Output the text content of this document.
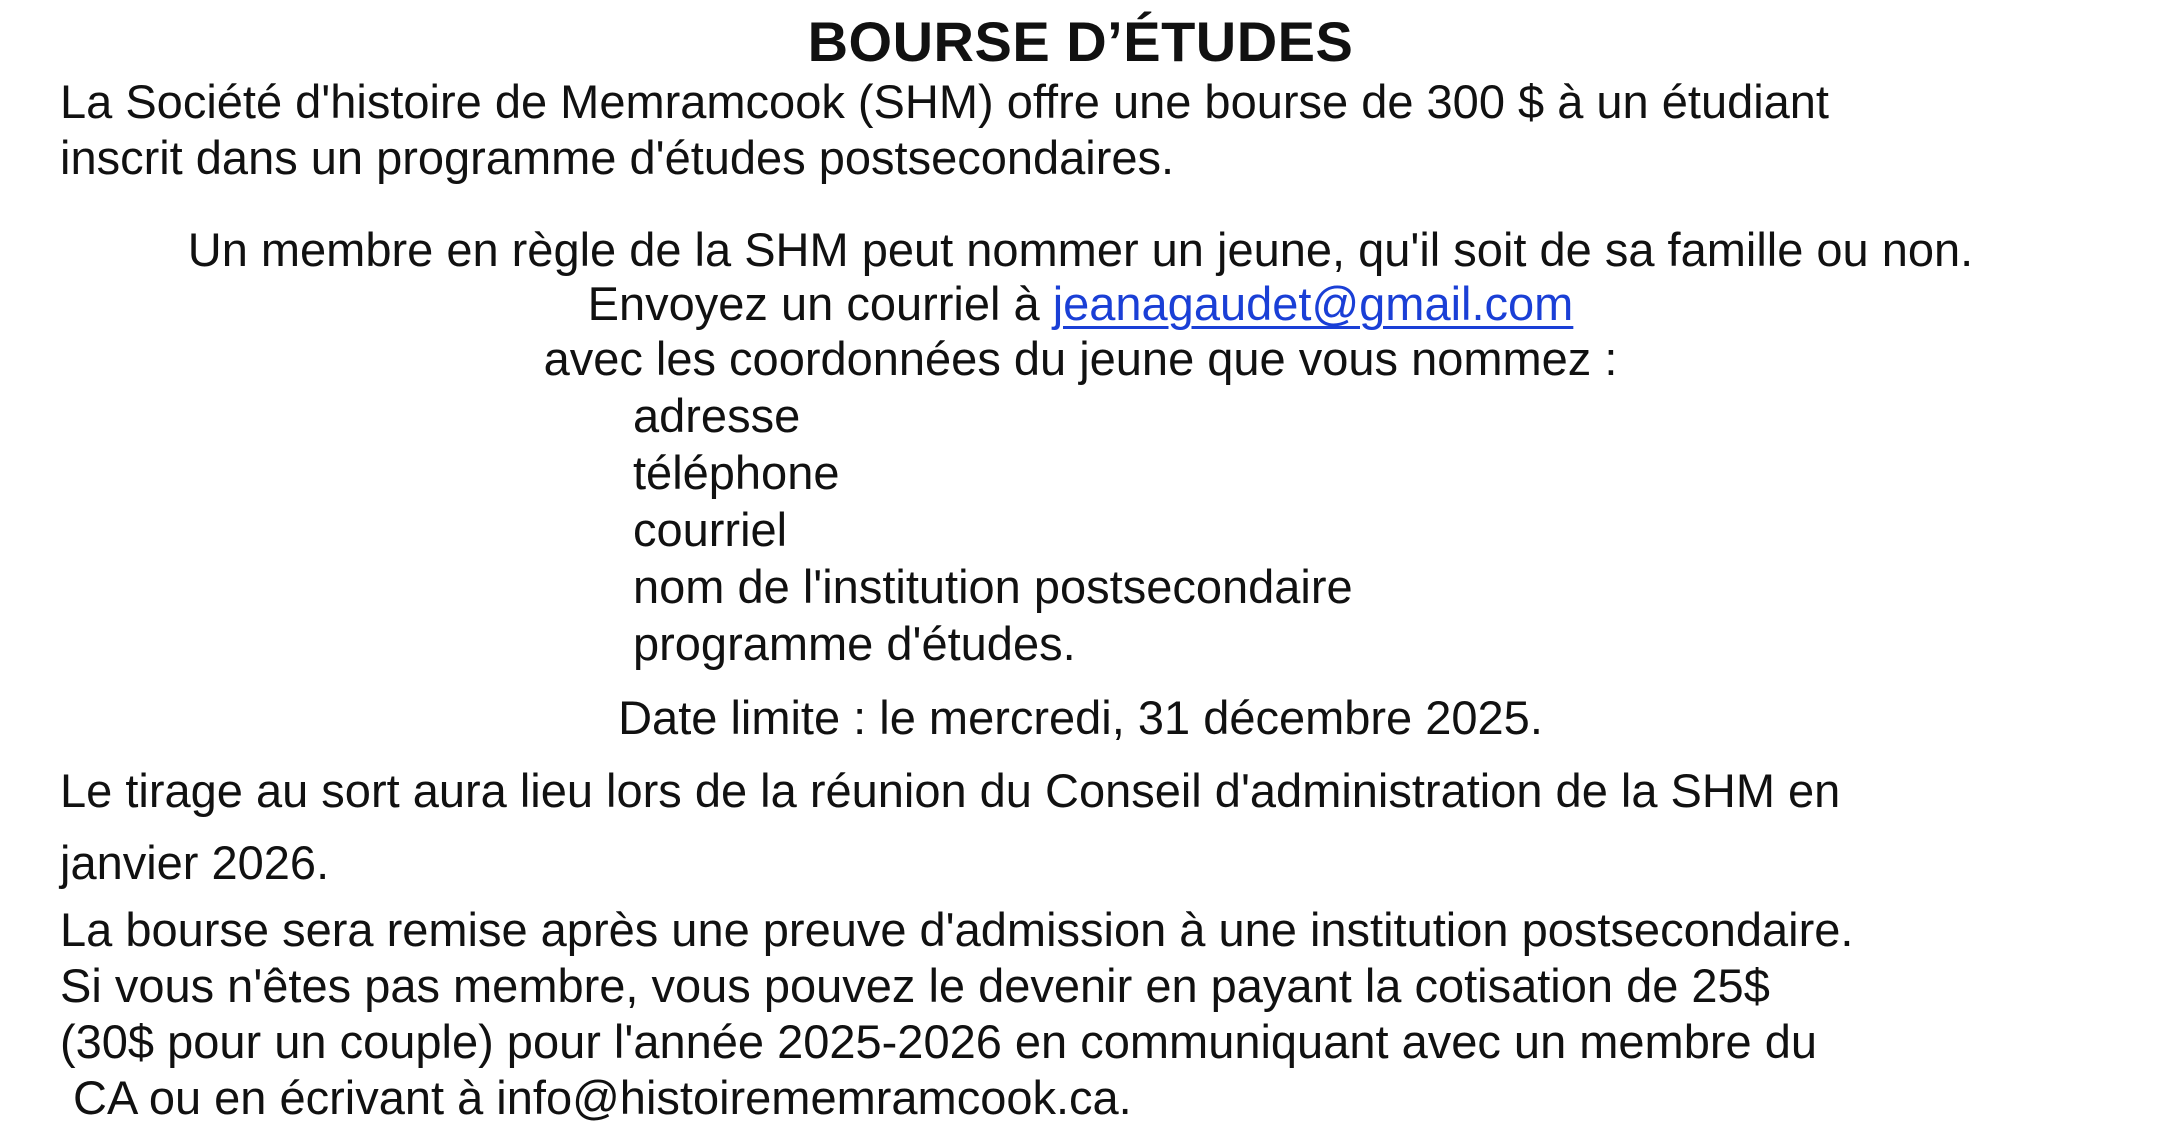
BOURSE D’ÉTUDES
La Société d'histoire de Memramcook (SHM) offre une bourse de 300 $ à un étudiant
inscrit dans un programme d'études postsecondaires.
Un membre en règle de la SHM peut nommer un jeune, qu'il soit de sa famille ou non.
Envoyez un courriel à jeanagaudet@gmail.com
avec les coordonnées du jeune que vous nommez :
adresse
téléphone
courriel
nom de l'institution postsecondaire
programme d'études.
Date limite : le mercredi, 31 décembre 2025.
Le tirage au sort aura lieu lors de la réunion du Conseil d'administration de la SHM en
janvier 2026.
La bourse sera remise après une preuve d'admission à une institution postsecondaire.
Si vous n'êtes pas membre, vous pouvez le devenir en payant la cotisation de 25$
(30$ pour un couple) pour l'année 2025-2026 en communiquant avec un membre du
CA ou en écrivant à info@histoirememramcook.ca.
